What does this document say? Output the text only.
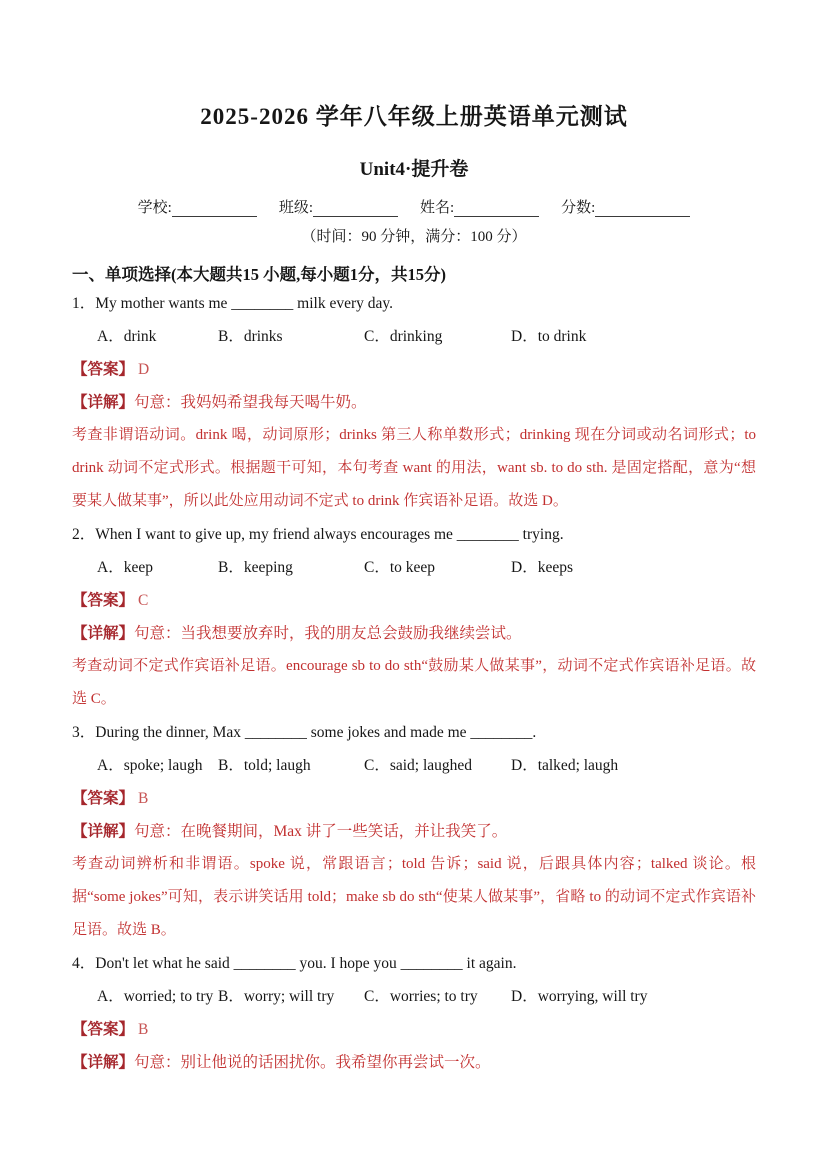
2025-2026 学年八年级上册英语单元测试
Unit4·提升卷
学校:	班级:	姓名:	分数:
（时间：90 分钟，满分：100 分）
一、单项选择(本大题共15 小题,每小题1分，共15分)
1．My mother wants me ________ milk every day.
A．drink	B．drinks	C．drinking	D．to drink
【答案】 D
【详解】句意：我妈妈希望我每天喝牛奶。
考查非谓语动词。drink 喝，动词原形；drinks 第三人称单数形式；drinking 现在分词或动名词形式；to drink 动词不定式形式。根据题干可知，本句考查 want 的用法，want sb. to do sth. 是固定搭配，意为“想要某人做某事”，所以此处应用动词不定式 to drink 作宾语补足语。故选 D。
2．When I want to give up, my friend always encourages me ________ trying.
A．keep	B．keeping	C．to keep	D．keeps
【答案】 C
【详解】句意：当我想要放弃时，我的朋友总会鼓励我继续尝试。
考查动词不定式作宾语补足语。encourage sb to do sth“鼓励某人做某事”，动词不定式作宾语补足语。故选 C。
3．During the dinner, Max ________ some jokes and made me ________.
A．spoke; laugh	B．told; laugh	C．said; laughed	D．talked; laugh
【答案】 B
【详解】句意：在晚餐期间，Max 讲了一些笑话，并让我笑了。
考查动词辨析和非谓语。spoke 说，常跟语言；told 告诉；said 说，后跟具体内容；talked 谈论。根据“some jokes”可知，表示讲笑话用 told；make sb do sth“使某人做某事”，省略 to 的动词不定式作宾语补足语。故选 B。
4．Don't let what he said ________ you. I hope you ________ it again.
A．worried; to try B．worry; will try	C．worries; to try	D．worrying, will try
【答案】 B
【详解】句意：别让他说的话困扰你。我希望你再尝试一次。
